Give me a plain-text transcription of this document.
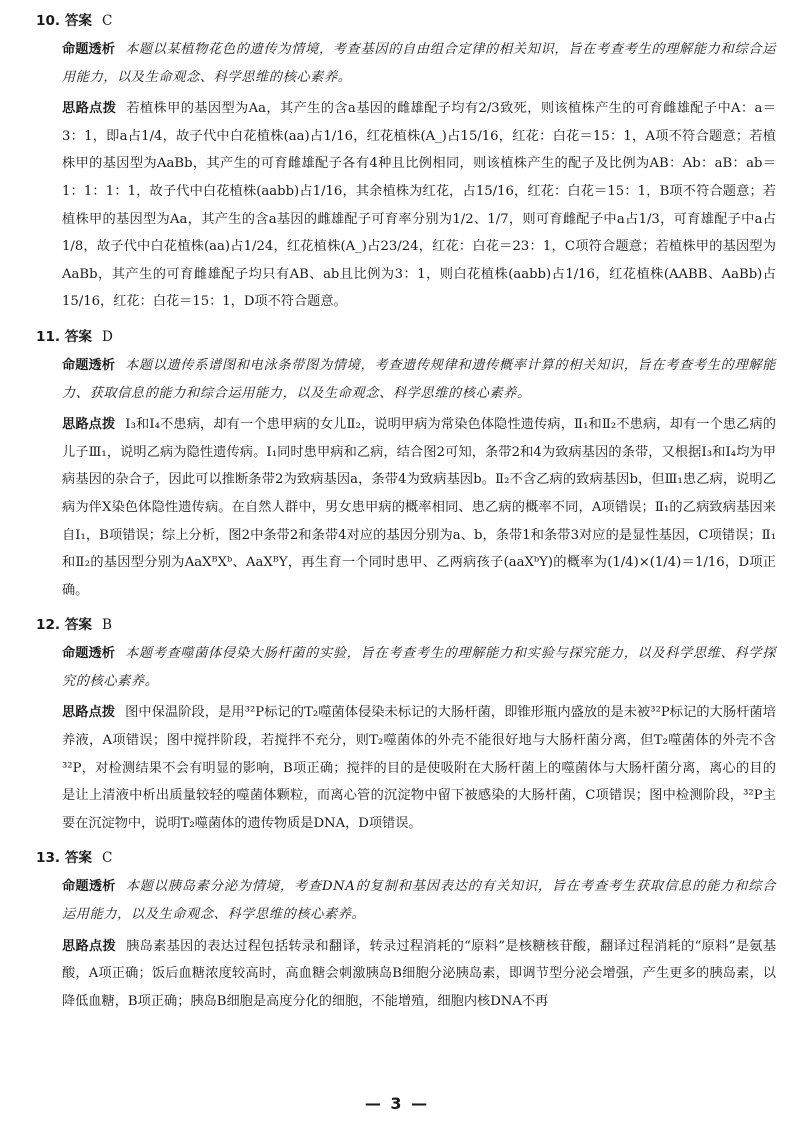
10. 答案 C

命题透析 本题以某植物花色的遗传为情境，考查基因的自由组合定律的相关知识，旨在考查考生的理解能力和综合运用能力，以及生命观念、科学思维的核心素养。

思路点拨 若植株甲的基因型为Aa，其产生的含a基因的雌雄配子均有2/3致死，则该植株产生的可育雌雄配子中A：a＝3：1，即a占1/4，故子代中白花植株(aa)占1/16，红花植株(A_)占15/16，红花：白花＝15：1，A项不符合题意；若植株甲的基因型为AaBb，其产生的可育雌雄配子各有4种且比例相同，则该植株产生的配子及比例为AB：Ab：aB：ab＝1：1：1：1，故子代中白花植株(aabb)占1/16，其余植株为红花，占15/16，红花：白花＝15：1，B项不符合题意；若植株甲的基因型为Aa，其产生的含a基因的雌雄配子可育率分别为1/2、1/7，则可育雌配子中a占1/3，可育雄配子中a占1/8，故子代中白花植株(aa)占1/24，红花植株(A_)占23/24，红花：白花＝23：1，C项符合题意；若植株甲的基因型为AaBb，其产生的可育雌雄配子均只有AB、ab且比例为3：1，则白花植株(aabb)占1/16，红花植株(AABB、AaBb)占15/16，红花：白花＝15：1，D项不符合题意。

11. 答案 D

命题透析 本题以遗传系谱图和电泳条带图为情境，考查遗传规律和遗传概率计算的相关知识，旨在考查考生的理解能力、获取信息的能力和综合运用能力，以及生命观念、科学思维的核心素养。

思路点拨 Ⅰ₃和Ⅰ₄不患病，却有一个患甲病的女儿Ⅱ₂，说明甲病为常染色体隐性遗传病，Ⅱ₁和Ⅱ₂不患病，却有一个患乙病的儿子Ⅲ₁，说明乙病为隐性遗传病。Ⅰ₁同时患甲病和乙病，结合图2可知，条带2和4为致病基因的条带，又根据Ⅰ₃和Ⅰ₄均为甲病基因的杂合子，因此可以推断条带2为致病基因a，条带4为致病基因b。Ⅱ₂不含乙病的致病基因b，但Ⅲ₁患乙病，说明乙病为伴X染色体隐性遗传病。在自然人群中，男女患甲病的概率相同、患乙病的概率不同，A项错误；Ⅱ₁的乙病致病基因来自Ⅰ₁，B项错误；综上分析，图2中条带2和条带4对应的基因分别为a、b，条带1和条带3对应的是显性基因，C项错误；Ⅱ₁和Ⅱ₂的基因型分别为AaXᴮXᵇ、AaXᴮY，再生育一个同时患甲、乙两病孩子(aaXᵇY)的概率为(1/4)×(1/4)＝1/16，D项正确。

12. 答案 B

命题透析 本题考查噬菌体侵染大肠杆菌的实验，旨在考查考生的理解能力和实验与探究能力，以及科学思维、科学探究的核心素养。

思路点拨 图中保温阶段，是用³²P标记的T₂噬菌体侵染未标记的大肠杆菌，即锥形瓶内盛放的是未被³²P标记的大肠杆菌培养液，A项错误；图中搅拌阶段，若搅拌不充分，则T₂噬菌体的外壳不能很好地与大肠杆菌分离，但T₂噬菌体的外壳不含³²P，对检测结果不会有明显的影响，B项正确；搅拌的目的是使吸附在大肠杆菌上的噬菌体与大肠杆菌分离，离心的目的是让上清液中析出质量较轻的噬菌体颗粒，而离心管的沉淀物中留下被感染的大肠杆菌，C项错误；图中检测阶段，³²P主要在沉淀物中，说明T₂噬菌体的遗传物质是DNA，D项错误。

13. 答案 C

命题透析 本题以胰岛素分泌为情境，考查DNA的复制和基因表达的有关知识，旨在考查考生获取信息的能力和综合运用能力，以及生命观念、科学思维的核心素养。

思路点拨 胰岛素基因的表达过程包括转录和翻译，转录过程消耗的“原料”是核糖核苷酸，翻译过程消耗的“原料”是氨基酸，A项正确；饭后血糖浓度较高时，高血糖会刺激胰岛B细胞分泌胰岛素，即调节型分泌会增强，产生更多的胰岛素，以降低血糖，B项正确；胰岛B细胞是高度分化的细胞，不能增殖，细胞内核DNA不再

— 3 —
